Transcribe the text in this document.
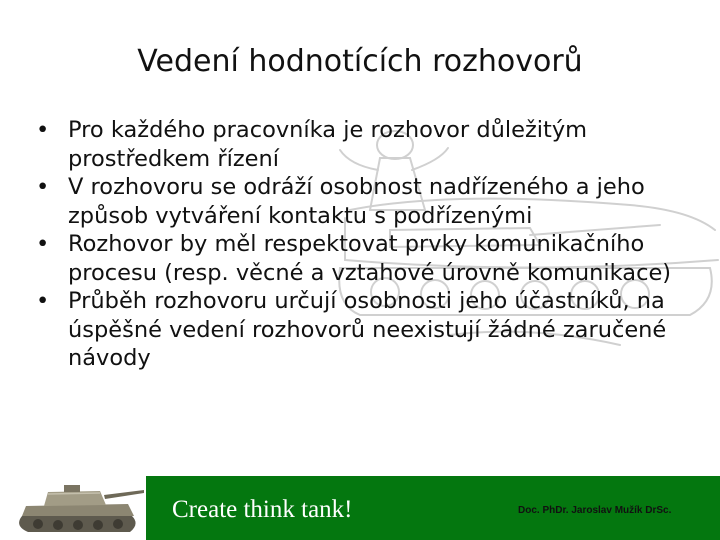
Vedení hodnotících rozhovorů
• Pro každého pracovníka je rozhovor důležitým prostředkem řízení
• V rozhovoru se odráží osobnost nadřízeného a jeho způsob vytváření kontaktu s podřízenými
• Rozhovor by měl respektovat prvky komunikačního procesu (resp. věcné a vztahové úrovně komunikace)
• Průběh rozhovoru určují osobnosti jeho účastníků, na úspěšné vedení rozhovorů neexistují žádné zaručené návody
Create think tank!	Doc. PhDr. Jaroslav Mužík DrSc.
